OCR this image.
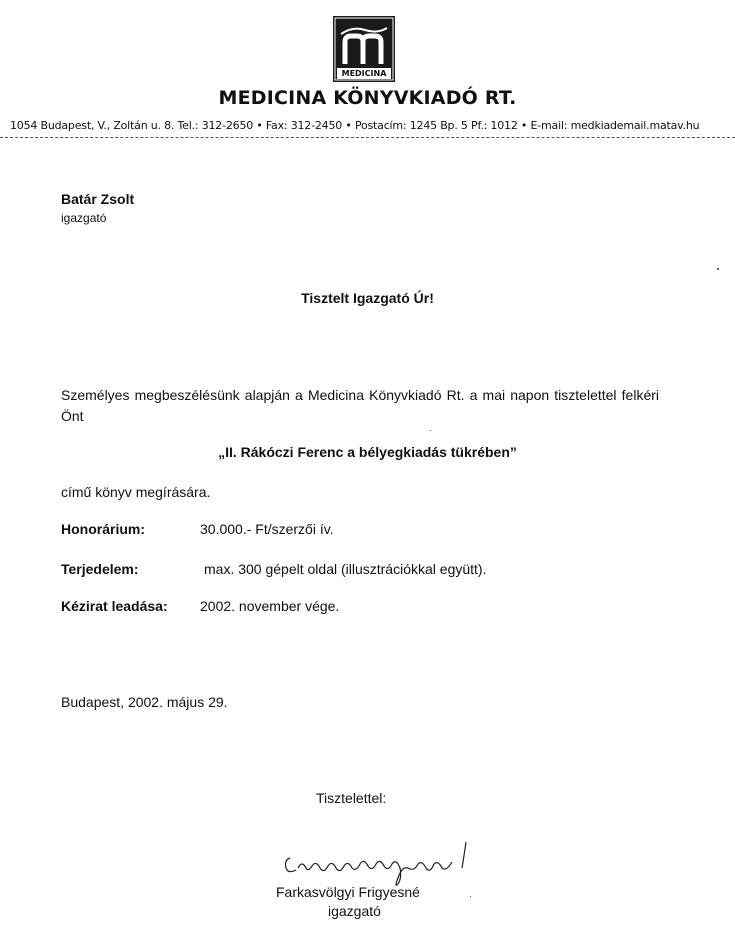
MEDICINA
MEDICINA KÖNYVKIADÓ RT.
1054 Budapest, V., Zoltán u. 8. Tel.: 312-2650 • Fax: 312-2450 • Postacím: 1245 Bp. 5 Pf.: 1012 • E-mail: medkiademail.matav.hu
Batár Zsolt
igazgató
Tisztelt Igazgató Úr!
Személyes megbeszélésünk alapján a Medicina Könyvkiadó Rt. a mai napon tisztelettel felkéri Önt
„II. Rákóczi Ferenc a bélyegkiadás tükrében”
című könyv megírására.
Honorárium:	30.000.- Ft/szerzői ív.
Terjedelem:	max. 300 gépelt oldal (illusztrációkkal együtt).
Kézirat leadása: 2002. november vége.
Budapest, 2002. május 29.
Tisztelettel:
Farkasvölgyi Frigyesné
igazgató
